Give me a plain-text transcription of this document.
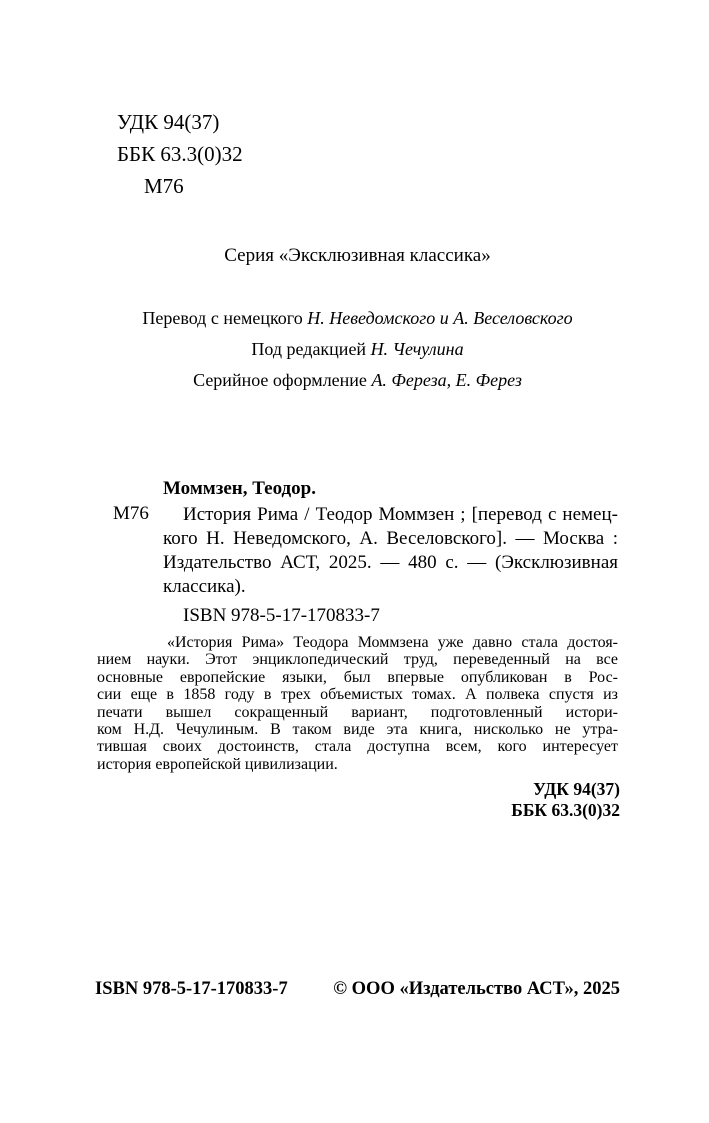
УДК 94(37)
ББК 63.3(0)32
М76
Серия «Эксклюзивная классика»
Перевод с немецкого Н. Неведомского и А. Веселовского
Под редакцией Н. Чечулина
Серийное оформление А. Фереза, Е. Ферез
Моммзен, Теодор.
М76	История Рима / Теодор Моммзен ; [перевод с немец-
кого Н. Неведомского, А. Веселовского]. — Москва :
Издательство АСТ, 2025. — 480 с. — (Эксклюзивная
классика).
ISBN 978-5-17-170833-7
«История Рима» Теодора Моммзена уже давно стала достоя-
нием науки. Этот энциклопедический труд, переведенный на все
основные европейские языки, был впервые опубликован в Рос-
сии еще в 1858 году в трех объемистых томах. А полвека спустя из
печати вышел сокращенный вариант, подготовленный истори-
ком Н.Д. Чечулиным. В таком виде эта книга, нисколько не утра-
тившая своих достоинств, стала доступна всем, кого интересует
история европейской цивилизации.
УДК 94(37)
ББК 63.3(0)32
ISBN 978-5-17-170833-7 © ООО «Издательство АСТ», 2025
